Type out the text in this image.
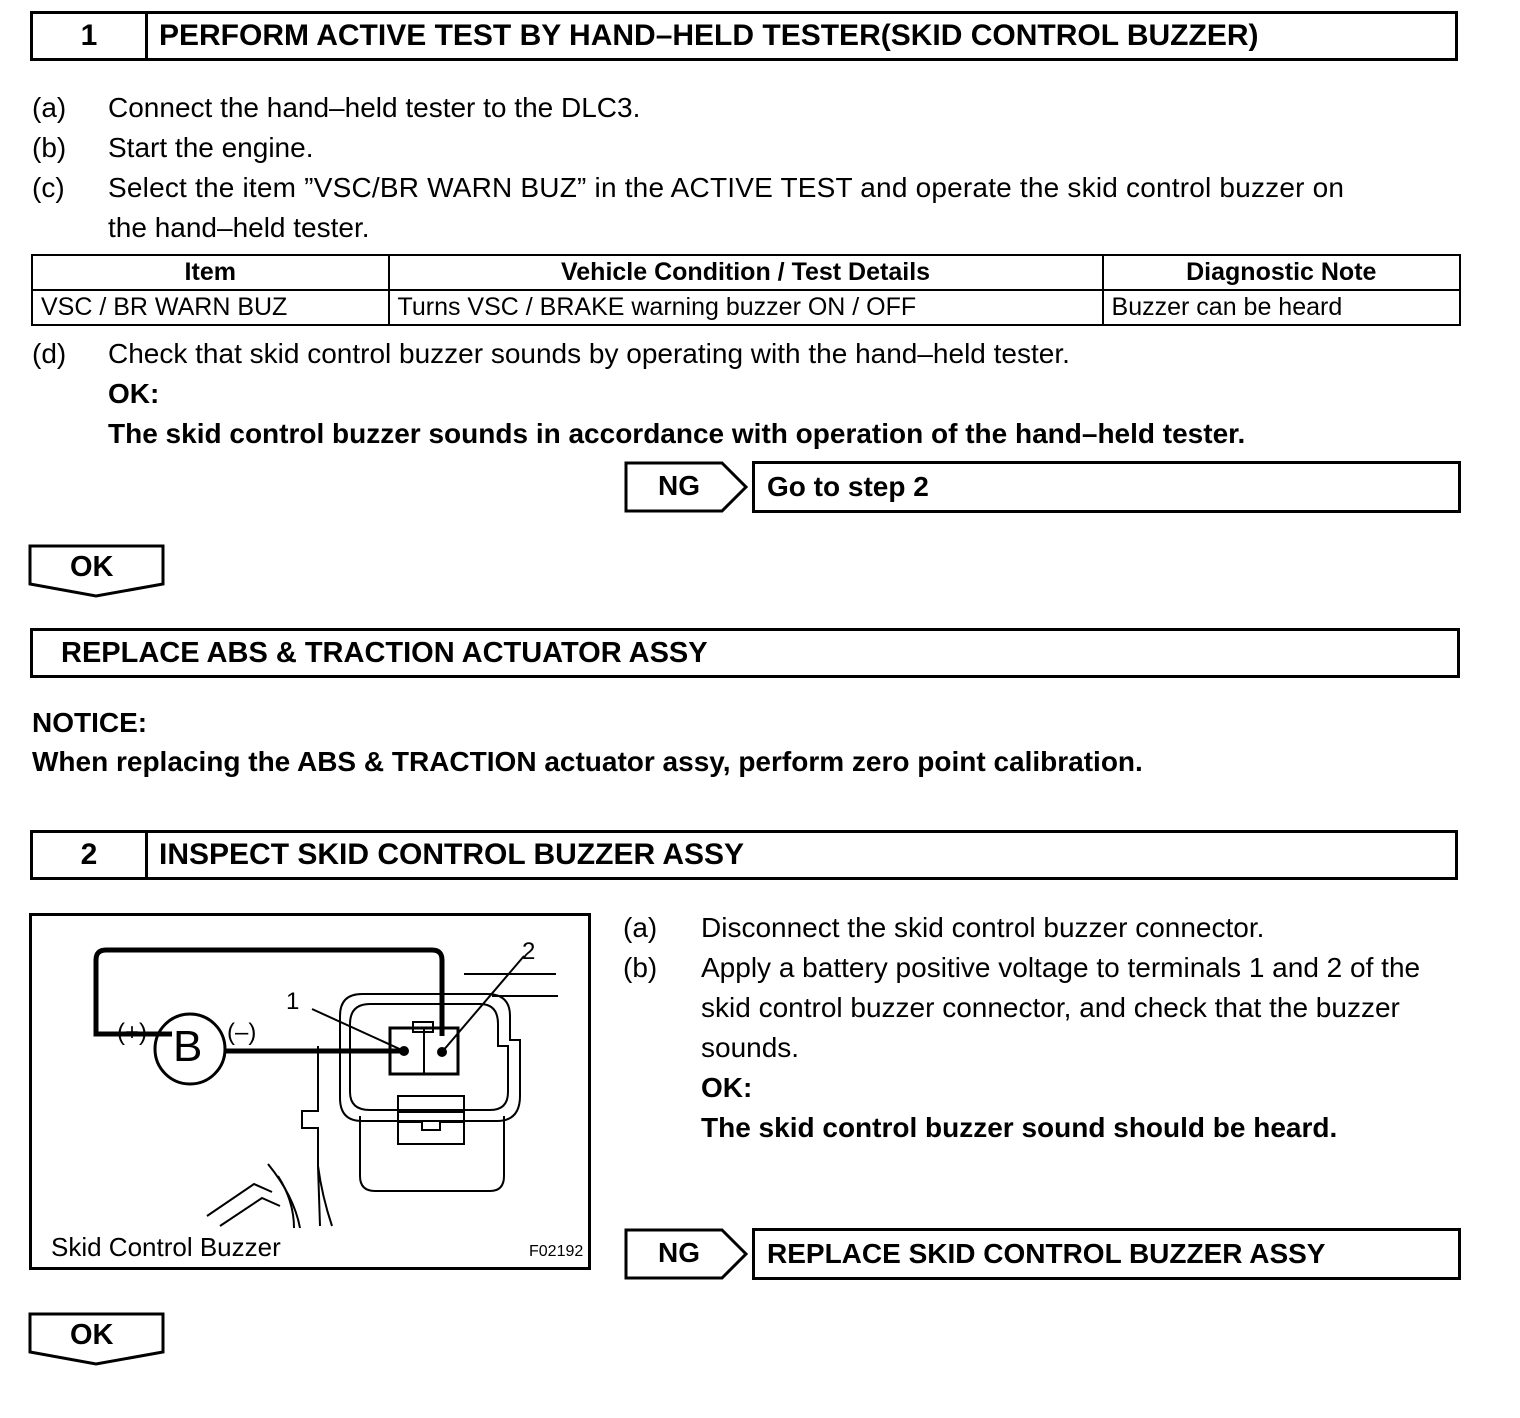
1	PERFORM ACTIVE TEST BY HAND–HELD TESTER(SKID CONTROL BUZZER)
(a) Connect the hand–held tester to the DLC3.
(b) Start the engine.
(c) Select the item ”VSC/BR WARN BUZ” in the ACTIVE TEST and operate the skid control buzzer on
the hand–held tester.
Item	Vehicle Condition / Test Details	Diagnostic Note
VSC / BR WARN BUZ	Turns VSC / BRAKE warning buzzer ON / OFF	Buzzer can be heard
(d) Check that skid control buzzer sounds by operating with the hand–held tester.
OK:
The skid control buzzer sounds in accordance with operation of the hand–held tester.
NG	Go to step 2
OK
REPLACE ABS & TRACTION ACTUATOR ASSY
NOTICE:
When replacing the ABS & TRACTION actuator assy, perform zero point calibration.
2	INSPECT SKID CONTROL BUZZER ASSY
B
(+)	(–)
1
2
Skid Control Buzzer	F02192
(a) Disconnect the skid control buzzer connector.
(b) Apply a battery positive voltage to terminals 1 and 2 of the
skid control buzzer connector, and check that the buzzer
sounds.
OK:
The skid control buzzer sound should be heard.
NG	REPLACE SKID CONTROL BUZZER ASSY
OK
